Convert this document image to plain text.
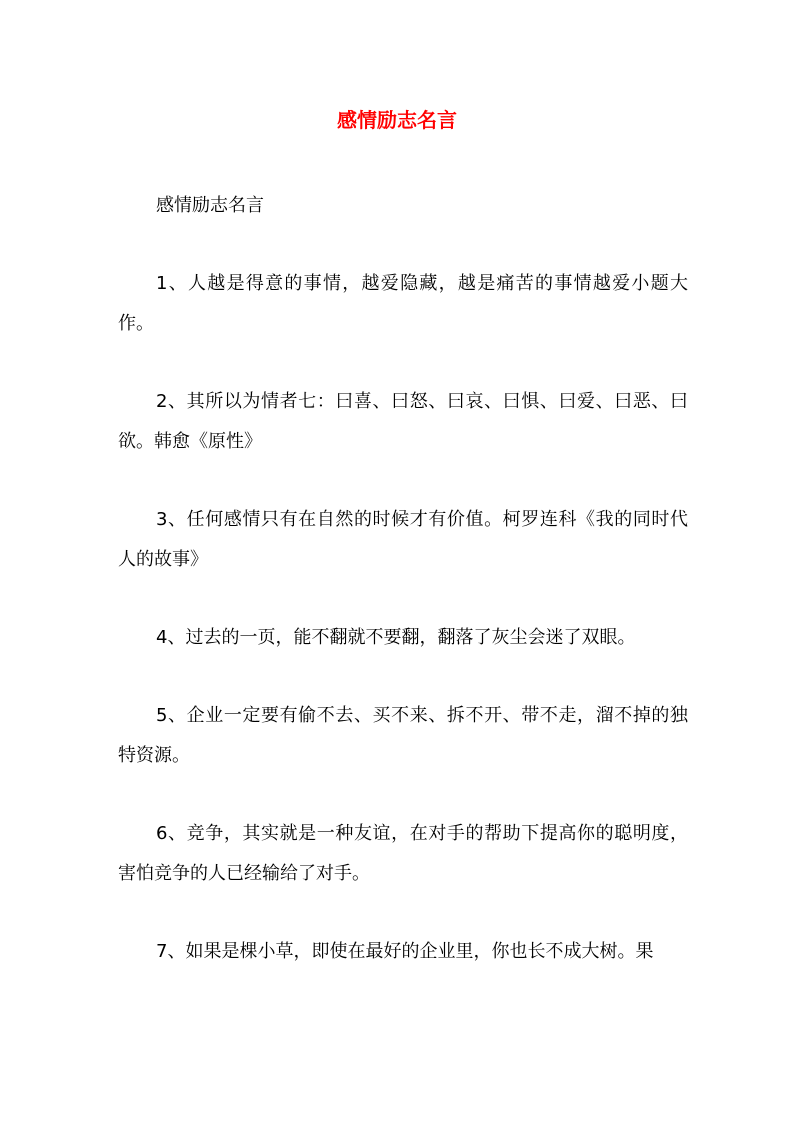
感情励志名言

感情励志名言

1、人越是得意的事情，越爱隐藏，越是痛苦的事情越爱小题大作。

2、其所以为情者七：曰喜、曰怒、曰哀、曰惧、曰爱、曰恶、曰欲。韩愈《原性》

3、任何感情只有在自然的时候才有价值。柯罗连科《我的同时代人的故事》

4、过去的一页，能不翻就不要翻，翻落了灰尘会迷了双眼。

5、企业一定要有偷不去、买不来、拆不开、带不走，溜不掉的独特资源。

6、竞争，其实就是一种友谊，在对手的帮助下提高你的聪明度，害怕竞争的人已经输给了对手。

7、如果是棵小草，即使在最好的企业里，你也长不成大树。果
